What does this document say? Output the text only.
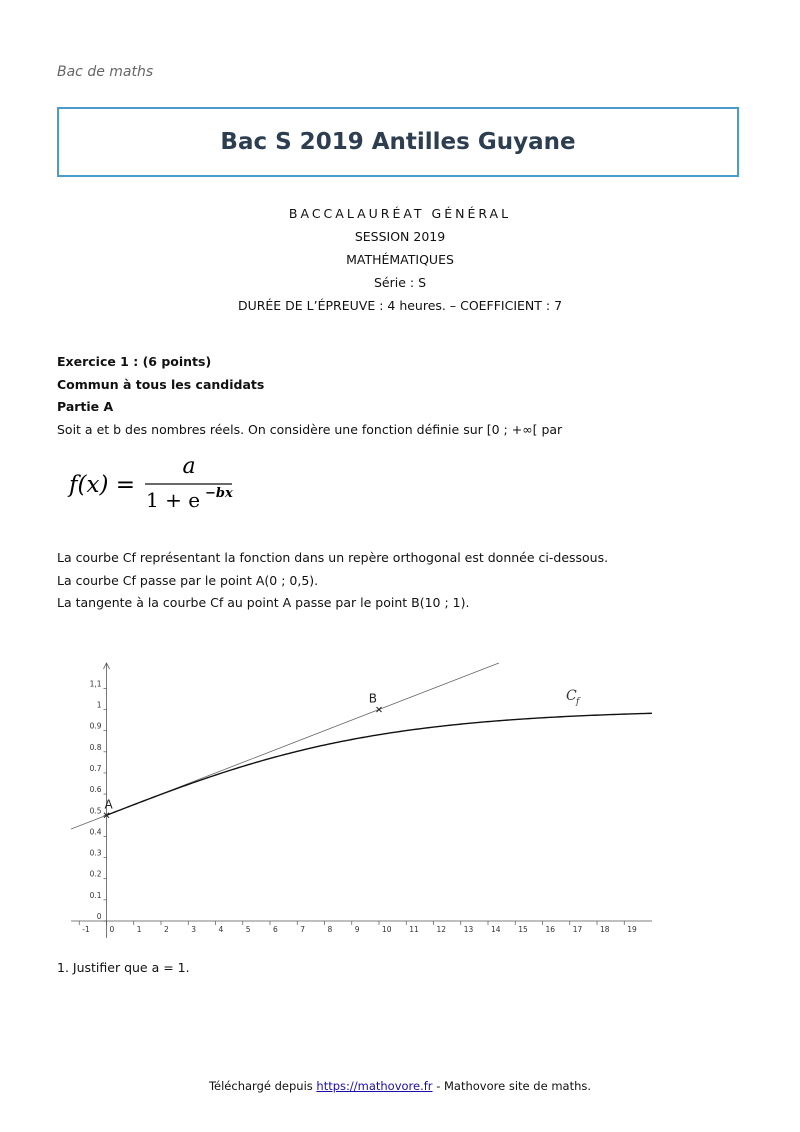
Bac de maths
Bac S 2019 Antilles Guyane
BACCALAURÉAT GÉNÉRAL
SESSION 2019
MATHÉMATIQUES
Série : S
DURÉE DE L’ÉPREUVE : 4 heures. – COEFFICIENT : 7
Exercice 1 : (6 points)
Commun à tous les candidats
Partie A
Soit a et b des nombres réels. On considère une fonction définie sur [0 ; +∞[ par
f(x) =
a
1 + e −bx
La courbe Cf représentant la fonction dans un repère orthogonal est donnée ci-dessous.
La courbe Cf passe par le point A(0 ; 0,5).
La tangente à la courbe Cf au point A passe par le point B(10 ; 1).
-1	0	1	2	3	4	5	6	7	8	9	10 11 12 13 14 15 16 17 18 19
0
0.1
0.2
0.3
0.4
0.5
0.6
0.7
0.8
0.9
1
1,1
C f
A
B
1. Justifier que a = 1.
Téléchargé depuis https://mathovore.fr - Mathovore site de maths.
